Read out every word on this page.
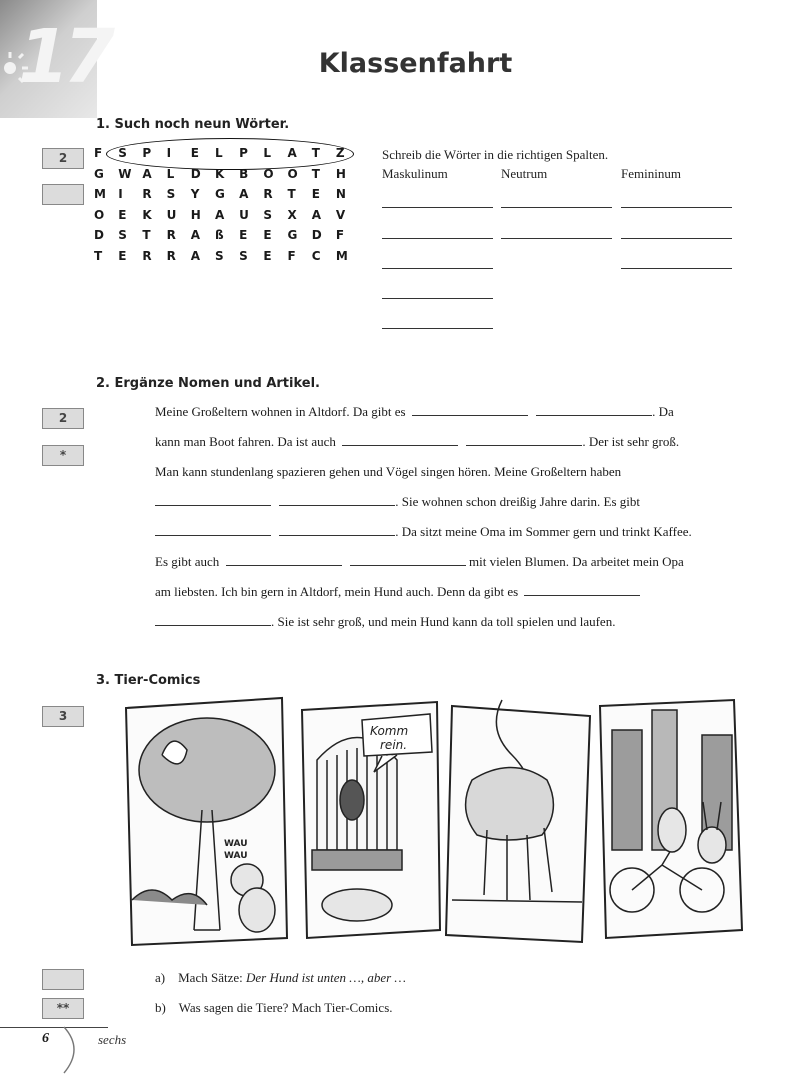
17	Klassenfahrt
1. Such noch neun Wörter.
2	F S P I E L P L A T Z
G W A L D K B O O T H
M I R S Y G A R T E N
O E K U H A U S X A V
D S T R A ß E E G D F
T E R R A S S E F C M
Schreib die Wörter in die richtigen Spalten.
Maskulinum	Neutrum	Femininum
2. Ergänze Nomen und Artikel.
2
*
Meine Großeltern wohnen in Altdorf. Da gibt es	. Da
kann man Boot fahren. Da ist auch	. Der ist sehr groß.
Man kann stundenlang spazieren gehen und Vögel singen hören. Meine Großeltern haben
. Sie wohnen schon dreißig Jahre darin. Es gibt
. Da sitzt meine Oma im Sommer gern und trinkt Kaffee.
Es gibt auch	mit vielen Blumen. Da arbeitet mein Opa
am liebsten. Ich bin gern in Altdorf, mein Hund auch. Denn da gibt es
. Sie ist sehr groß, und mein Hund kann da toll spielen und laufen.
3. Tier-Comics
3
WAU
WAU
Komm
rein.
**
a) Mach Sätze: Der Hund ist unten …, aber …
b) Was sagen die Tiere? Mach Tier-Comics.
6	sechs
